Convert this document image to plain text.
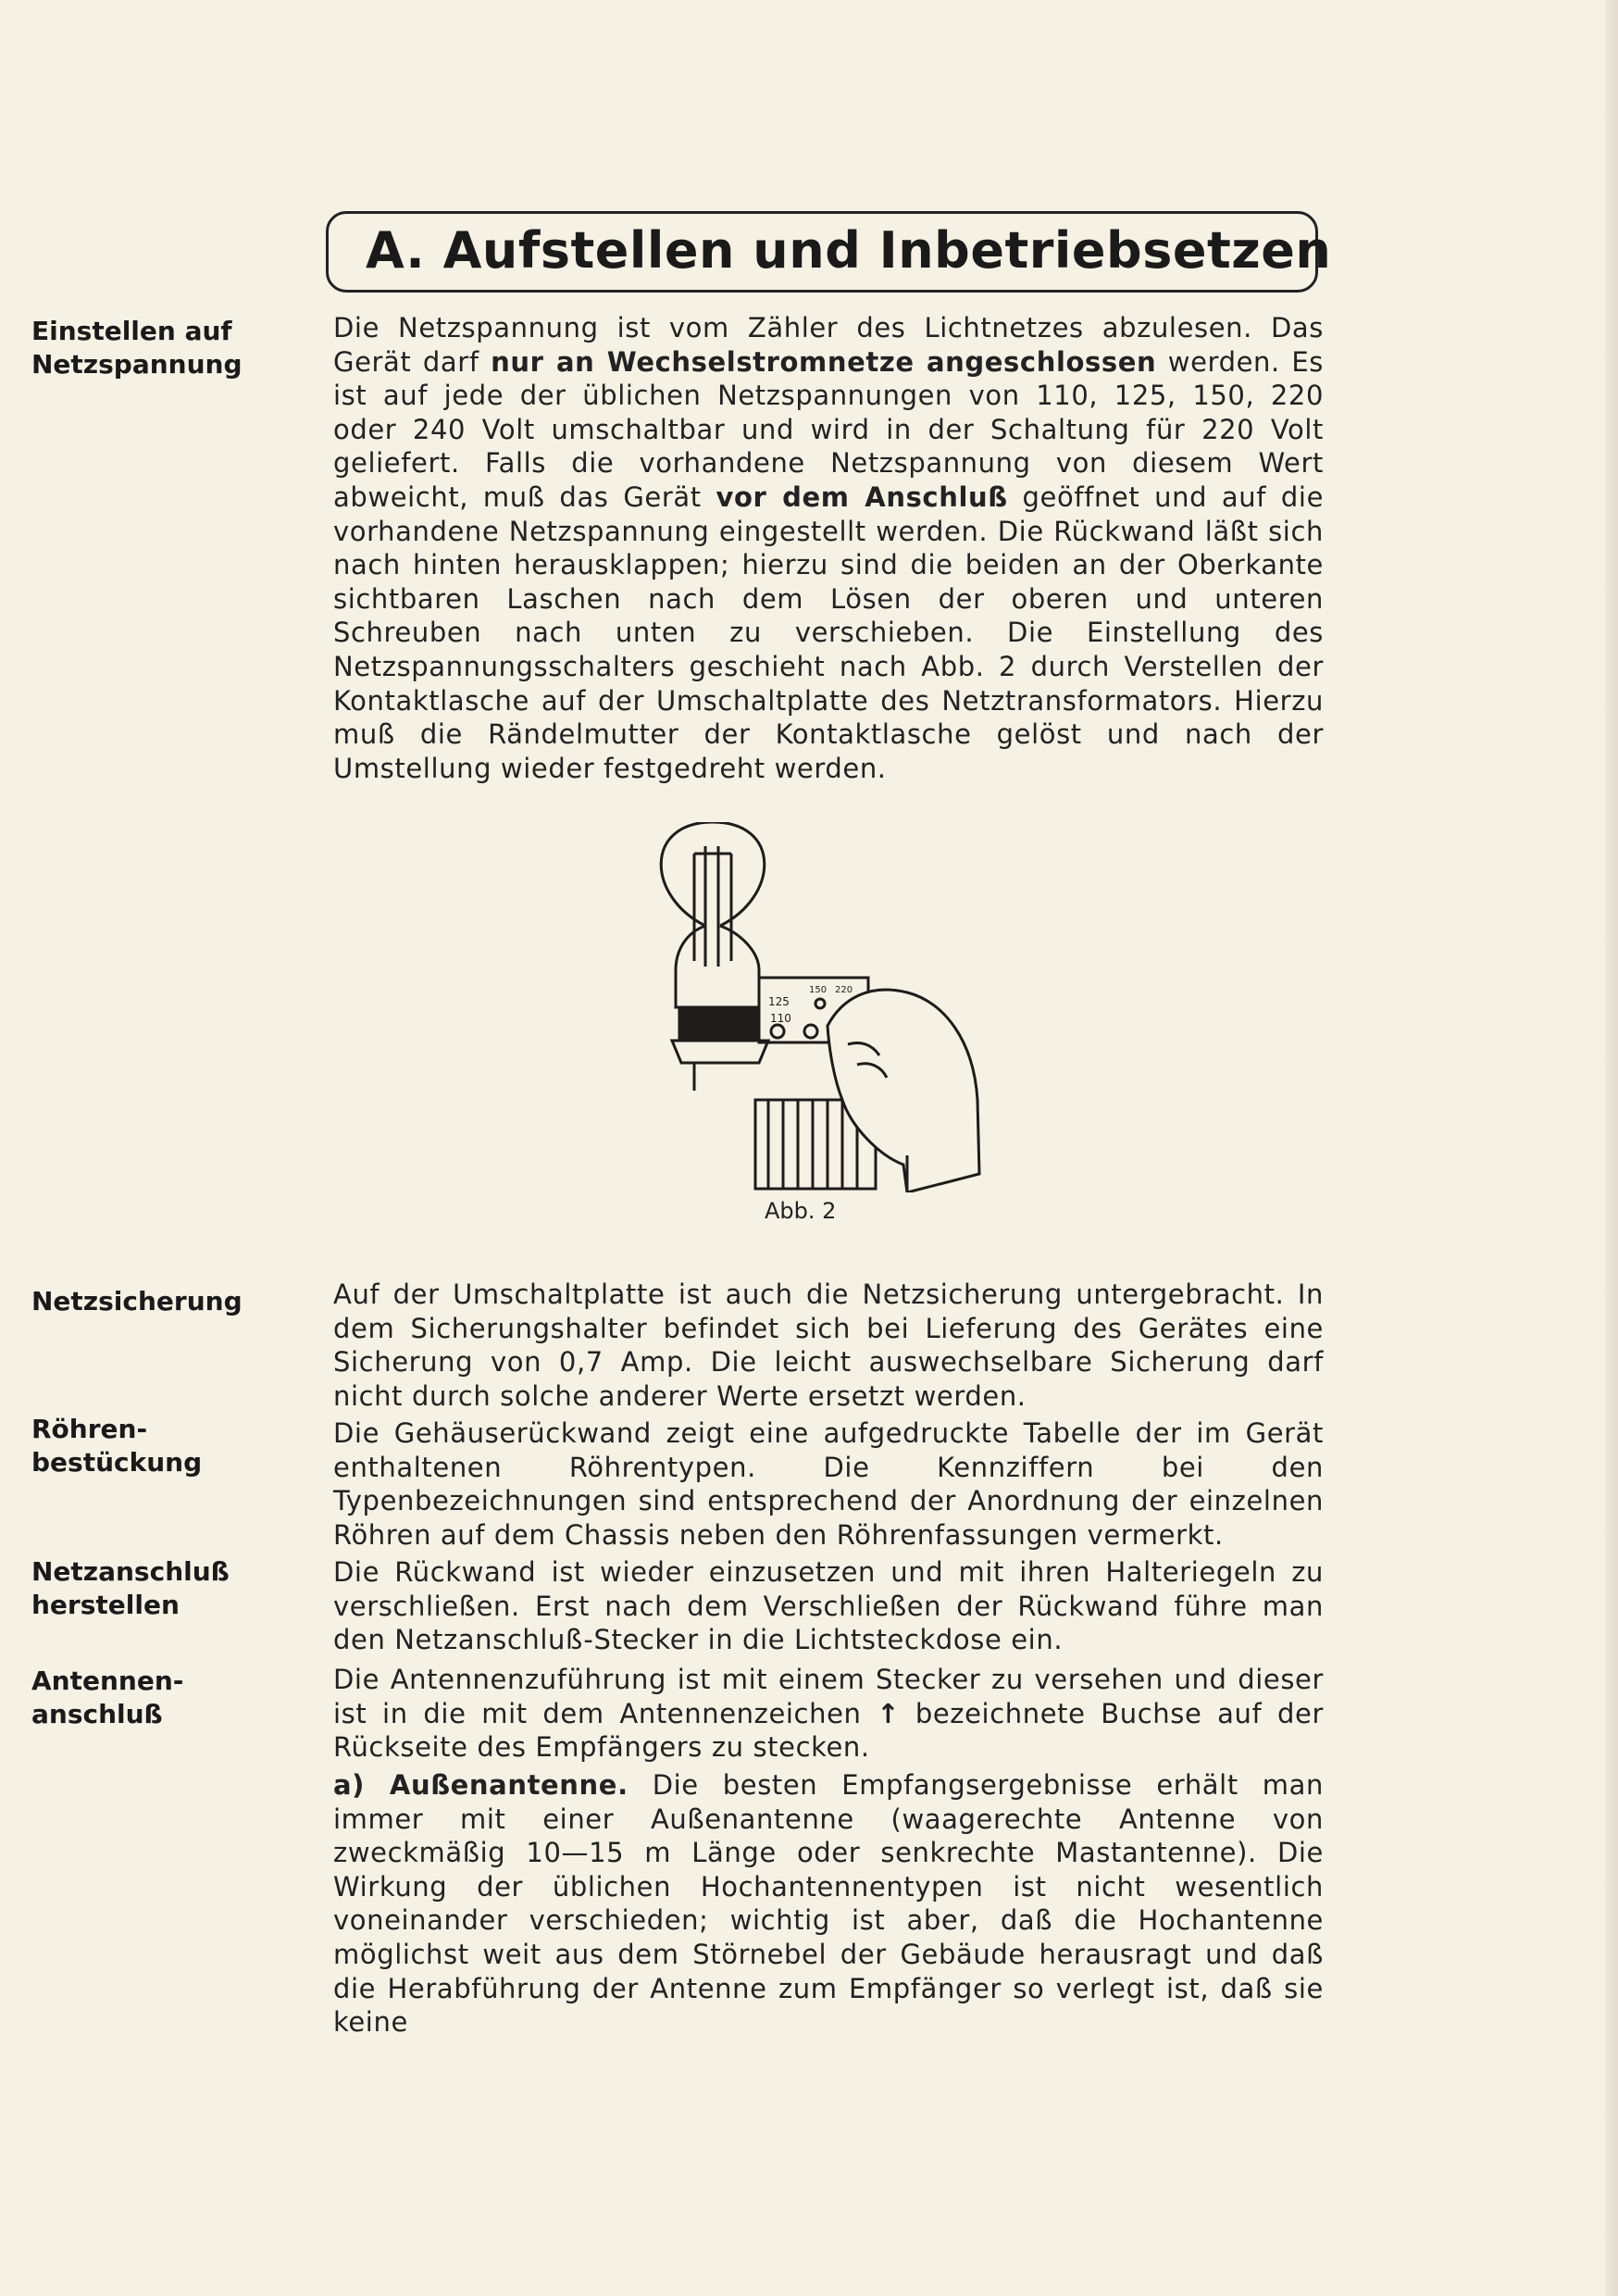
A. Aufstellen und Inbetriebsetzen
Einstellen auf
Netzspannung
Die Netzspannung ist vom Zähler des Lichtnetzes abzulesen. Das Gerät darf nur an Wechselstromnetze angeschlossen werden. Es ist auf jede der üblichen Netzspannungen von 110, 125, 150, 220 oder 240 Volt umschaltbar und wird in der Schaltung für 220 Volt geliefert. Falls die vorhandene Netzspannung von diesem Wert abweicht, muß das Gerät vor dem Anschluß geöffnet und auf die vorhandene Netzspannung eingestellt werden. Die Rückwand läßt sich nach hinten herausklappen; hierzu sind die beiden an der Oberkante sichtbaren Laschen nach dem Lösen der oberen und unteren Schreuben nach unten zu verschieben. Die Einstellung des Netzspannungsschalters geschieht nach Abb. 2 durch Verstellen der Kontaktlasche auf der Umschaltplatte des Netztransformators. Hierzu muß die Rändelmutter der Kontaktlasche gelöst und nach der Umstellung wieder festgedreht werden.
125
110
150 220
Abb. 2
Netzsicherung	Auf der Umschaltplatte ist auch die Netzsicherung untergebracht. In dem Sicherungshalter befindet sich bei Lieferung des Gerätes eine Sicherung von 0,7 Amp. Die leicht auswechselbare Sicherung darf nicht durch solche anderer Werte ersetzt werden.
Röhren-
bestückung
Die Gehäuserückwand zeigt eine aufgedruckte Tabelle der im Gerät enthaltenen Röhrentypen. Die Kennziffern bei den Typenbezeichnungen sind entsprechend der Anordnung der einzelnen Röhren auf dem Chassis neben den Röhrenfassungen vermerkt.
Netzanschluß
herstellen
Die Rückwand ist wieder einzusetzen und mit ihren Halteriegeln zu verschließen. Erst nach dem Verschließen der Rückwand führe man den Netzanschluß-Stecker in die Lichtsteckdose ein.
Antennen-
anschluß
Die Antennenzuführung ist mit einem Stecker zu versehen und dieser ist in die mit dem Antennenzeichen ↑ bezeichnete Buchse auf der Rückseite des Empfängers zu stecken.
a) Außenantenne. Die besten Empfangsergebnisse erhält man immer mit einer Außenantenne (waagerechte Antenne von zweckmäßig 10—15 m Länge oder senkrechte Mastantenne). Die Wirkung der üblichen Hochantennentypen ist nicht wesentlich voneinander verschieden; wichtig ist aber, daß die Hochantenne möglichst weit aus dem Störnebel der Gebäude herausragt und daß die Herabführung der Antenne zum Empfänger so verlegt ist, daß sie keine
